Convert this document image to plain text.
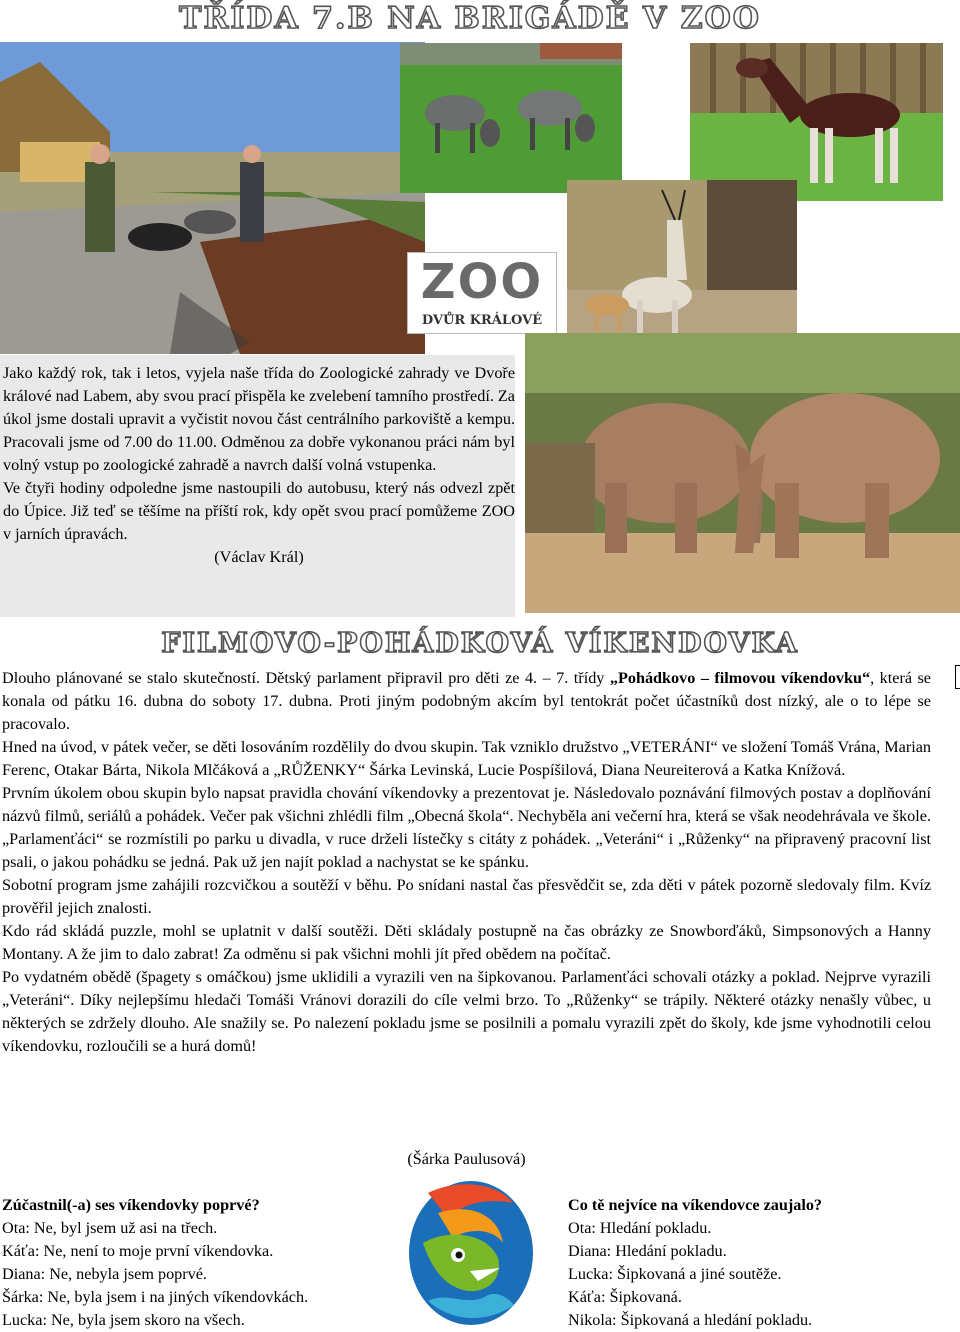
TŘÍDA 7.B NA BRIGÁDĚ V ZOO
ZOO
DVŮR KRÁLOVÉ

Jako každý rok, tak i letos, vyjela naše třída do Zoologické zahrady ve Dvoře králové nad Labem, aby svou prací přispěla ke zvelebení tamního prostředí. Za úkol jsme dostali upravit a vyčistit novou část centrálního parkoviště a kempu. Pracovali jsme od 7.00 do 11.00. Odměnou za dobře vykonanou práci nám byl volný vstup po zoologické zahradě a navrch další volná vstupenka.

Ve čtyři hodiny odpoledne jsme nastoupili do autobusu, který nás odvezl zpět do Úpice. Již teď se těšíme na příští rok, kdy opět svou prací pomůžeme ZOO v jarních úpravách.

(Václav Král)

FILMOVO-POHÁDKOVÁ VÍKENDOVKA

Dlouho plánované se stalo skutečností. Dětský parlament připravil pro děti ze 4. – 7. třídy „Pohádkovo – filmovou víkendovku“, která se konala od pátku 16. dubna do soboty 17. dubna. Proti jiným podobným akcím byl tentokrát počet účastníků dost nízký, ale o to lépe se pracovalo.

Hned na úvod, v pátek večer, se děti losováním rozdělily do dvou skupin. Tak vzniklo družstvo „VETERÁNI“ ve složení Tomáš Vrána, Marian Ferenc, Otakar Bárta, Nikola Mlčáková a „RŮŽENKY“ Šárka Levinská, Lucie Pospíšilová, Diana Neureiterová a Katka Knížová.

Prvním úkolem obou skupin bylo napsat pravidla chování víkendovky a prezentovat je. Následovalo poznávání filmových postav a doplňování názvů filmů, seriálů a pohádek. Večer pak všichni zhlédli film „Obecná škola“. Nechyběla ani večerní hra, která se však neodehrávala ve škole. „Parlamenťáci“ se rozmístili po parku u divadla, v ruce drželi lístečky s citáty z pohádek. „Veteráni“ i „Růženky“ na připravený pracovní list psali, o jakou pohádku se jedná. Pak už jen najít poklad a nachystat se ke spánku.

Sobotní program jsme zahájili rozcvičkou a soutěží v běhu. Po snídani nastal čas přesvědčit se, zda děti v pátek pozorně sledovaly film. Kvíz prověřil jejich znalosti.

Kdo rád skládá puzzle, mohl se uplatnit v další soutěži. Děti skládaly postupně na čas obrázky ze Snowborďáků, Simpsonových a Hanny Montany. A že jim to dalo zabrat! Za odměnu si pak všichni mohli jít před obědem na počítač.

Po vydatném obědě (špagety s omáčkou) jsme uklidili a vyrazili ven na šipkovanou. Parlamenťáci schovali otázky a poklad. Nejprve vyrazili „Veteráni“. Díky nejlepšímu hledači Tomáši Vránovi dorazili do cíle velmi brzo. To „Růženky“ se trápily. Některé otázky nenašly vůbec, u některých se zdržely dlouho. Ale snažily se. Po nalezení pokladu jsme se posilnili a pomalu vyrazili zpět do školy, kde jsme vyhodnotili celou víkendovku, rozloučili se a hurá domů!

(Šárka Paulusová)
Zúčastnil(-a) ses víkendovky poprvé?
Ota: Ne, byl jsem už asi na třech.
Káťa: Ne, není to moje první víkendovka.
Diana: Ne, nebyla jsem poprvé.
Šárka: Ne, byla jsem i na jiných víkendovkách.
Lucka: Ne, byla jsem skoro na všech.
Co tě nejvíce na víkendovce zaujalo?
Ota: Hledání pokladu.
Diana: Hledání pokladu.
Lucka: Šipkovaná a jiné soutěže.
Káťa: Šipkovaná.
Nikola: Šipkovaná a hledání pokladu.
